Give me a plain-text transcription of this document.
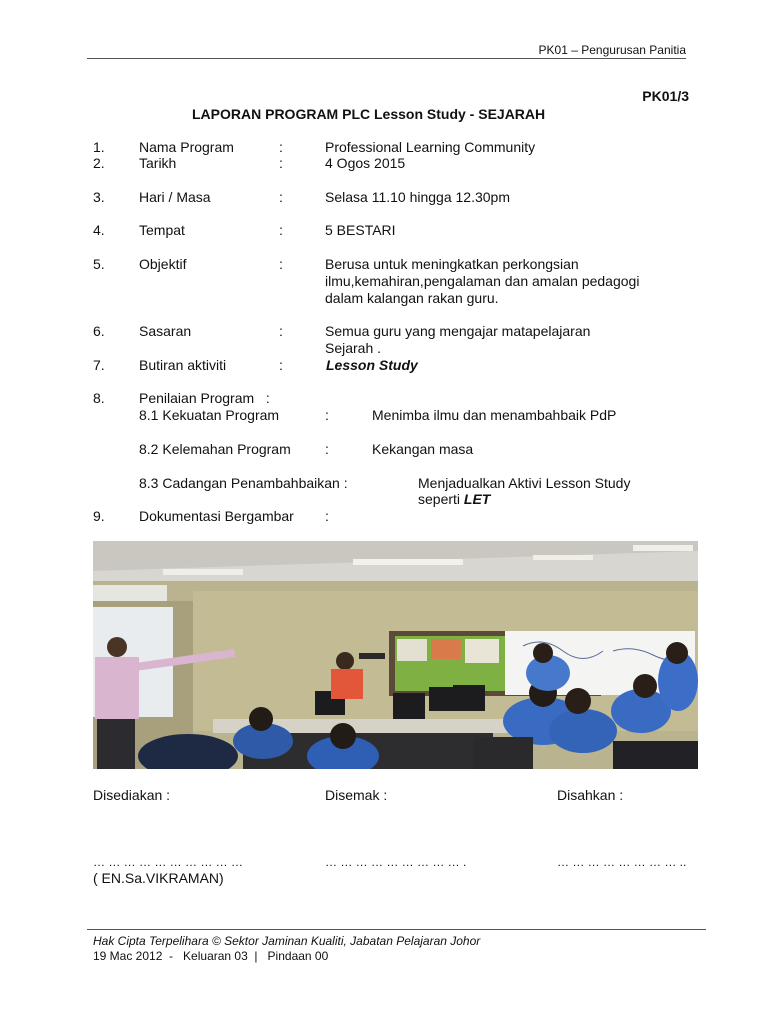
PK01 – Pengurusan Panitia
PK01/3
LAPORAN PROGRAM PLC Lesson Study - SEJARAH
1. Nama Program	:	Professional Learning Community
2. Tarikh	:	4 Ogos 2015
3. Hari / Masa	:	Selasa 11.10 hingga 12.30pm
4. Tempat	:	5 BESTARI
5. Objektif	:	Berusa untuk meningkatkan perkongsian
ilmu,kemahiran,pengalaman dan amalan pedagogi
dalam kalangan rakan guru.
6. Sasaran	:	Semua guru yang mengajar matapelajaran
Sejarah .
7. Butiran aktiviti	:	Lesson Study
8. Penilaian Program   :
8.1 Kekuatan Program	:	Menimba ilmu dan menambahbaik PdP
8.2 Kelemahan Program :	Kekangan masa
8.3 Cadangan Penambahbaikan :	Menjadualkan Aktivi Lesson Study
seperti LET
9. Dokumentasi Bergambar :
Disediakan :	Disemak :	Disahkan :
… … … … … … … … … …	… … … … … … … … … .	… … … … … … … … ..
( EN.Sa.VIKRAMAN)
Hak Cipta Terpelihara © Sektor Jaminan Kualiti, Jabatan Pelajaran Johor
19 Mac 2012  -   Keluaran 03  |   Pindaan 00
